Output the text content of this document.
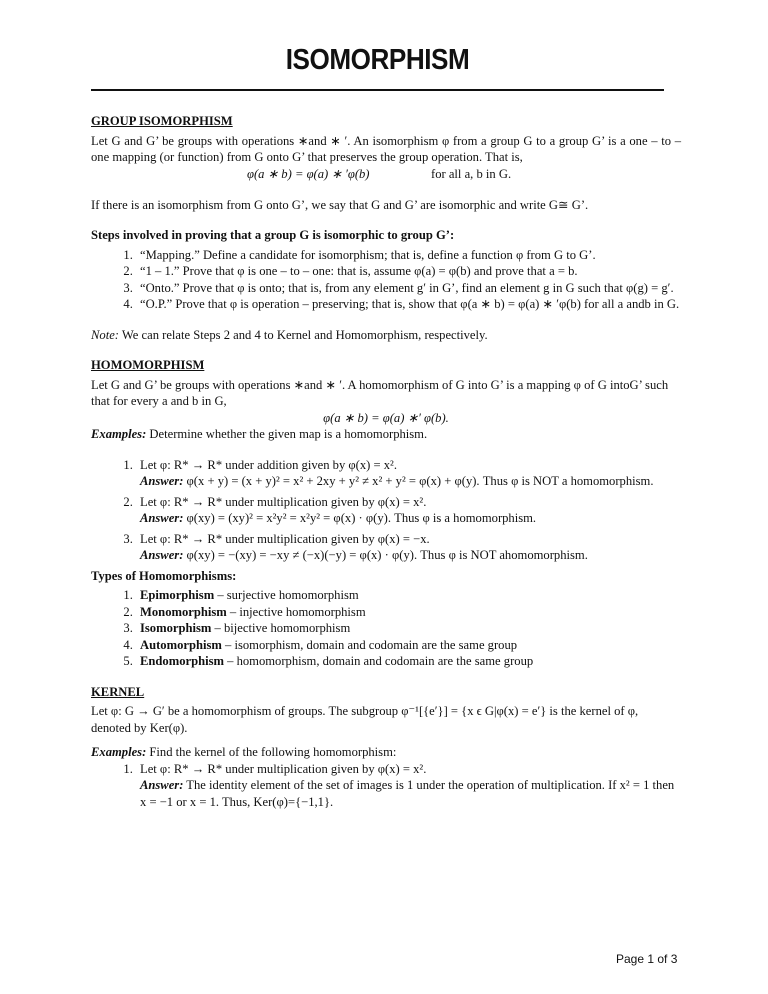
ISOMORPHISM

GROUP ISOMORPHISM

Let G and G’ be groups with operations ∗and ∗ ′. An isomorphism φ from a group G to a group G’ is a one – to – one mapping (or function) from G onto G’ that preserves the group operation. That is,

φ(a ∗ b) = φ(a) ∗ ′φ(b)	for all a, b in G.

If there is an isomorphism from G onto G’, we say that G and G’ are isomorphic and write G≅ G’.

Steps involved in proving that a group G is isomorphic to group G’:

1. “Mapping.” Define a candidate for isomorphism; that is, define a function φ from G to G’.
2. “1 – 1.” Prove that φ is one – to – one: that is, assume φ(a) = φ(b) and prove that a = b.
3. “Onto.” Prove that φ is onto; that is, from any element g′ in G’, find an element g in G such that φ(g) = g′.
4. “O.P.” Prove that φ is operation – preserving; that is, show that φ(a ∗ b) = φ(a) ∗ ′φ(b) for all a andb in G.

Note: We can relate Steps 2 and 4 to Kernel and Homomorphism, respectively.

HOMOMORPHISM

Let G and G’ be groups with operations ∗and ∗ ′. A homomorphism of G into G’ is a mapping φ of G intoG’ such that for every a and b in G,

φ(a ∗ b) = φ(a) ∗′ φ(b).

Examples: Determine whether the given map is a homomorphism.

1. Let φ: R* → R* under addition given by φ(x) = x².
Answer: φ(x + y) = (x + y)² = x² + 2xy + y² ≠ x² + y² = φ(x) + φ(y). Thus φ is NOT a homomorphism.
2. Let φ: R* → R* under multiplication given by φ(x) = x².
Answer: φ(xy) = (xy)² = x²y² = x²y² = φ(x) · φ(y). Thus φ is a homomorphism.
3. Let φ: R* → R* under multiplication given by φ(x) = −x.
Answer: φ(xy) = −(xy) = −xy ≠ (−x)(−y) = φ(x) · φ(y). Thus φ is NOT ahomomorphism.

Types of Homomorphisms:

1. Epimorphism – surjective homomorphism
2. Monomorphism – injective homomorphism
3. Isomorphism – bijective homomorphism
4. Automorphism – isomorphism, domain and codomain are the same group
5. Endomorphism – homomorphism, domain and codomain are the same group

KERNEL

Let φ: G → G′ be a homomorphism of groups. The subgroup φ⁻¹[{e′}] = {x ϵ G|φ(x) = e′} is the kernel of φ, denoted by Ker(φ).

Examples: Find the kernel of the following homomorphism:

1. Let φ: R* → R* under multiplication given by φ(x) = x².
Answer: The identity element of the set of images is 1 under the operation of multiplication. If x² = 1 then x = −1 or x = 1. Thus, Ker(φ)={−1,1}.
Page 1 of 3
